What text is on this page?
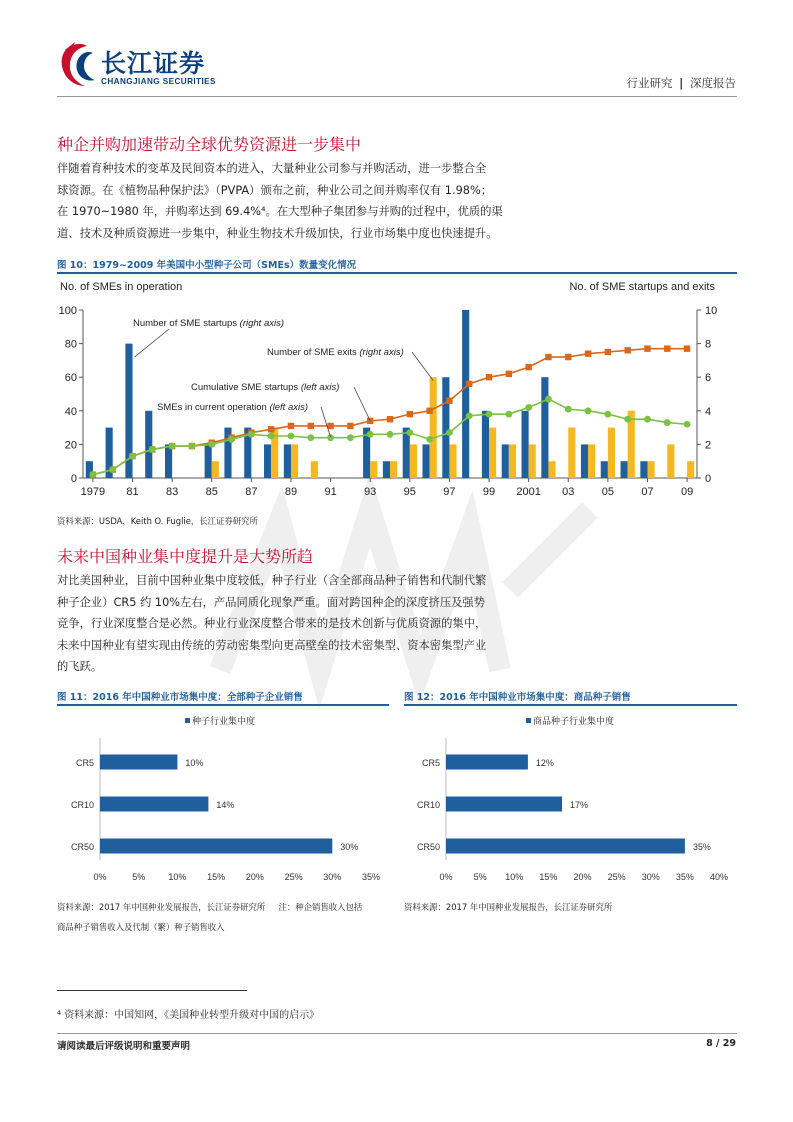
长江证券
CHANGJIANG SECURITIES	行业研究 | 深度报告
种企并购加速带动全球优势资源进一步集中
伴随着育种技术的变革及民间资本的进入，大量种业公司参与并购活动，进一步整合全
球资源。在《植物品种保护法》（PVPA）颁布之前，种业公司之间并购率仅有 1.98%；
在 1970~1980 年，并购率达到 69.4%⁴。在大型种子集团参与并购的过程中，优质的渠
道、技术及种质资源进一步集中，种业生物技术升级加快，行业市场集中度也快速提升。
图 10：1979~2009 年美国中小型种子公司（SMEs）数量变化情况
No. of SMEs in operation	No. of SME startups and exits
0
20
40
60
80
100
0
2
4
6
8
10
1979 81 83 85 87 89 91 93 95 97 99 2001 03 05 07 09
Number of SME startups (right axis)
Number of SME exits (right axis)
Cumulative SME startups (left axis)
SMEs in current operation (left axis)
资料来源：USDA，Keith O. Fuglie，长江证券研究所
未来中国种业集中度提升是大势所趋
对比美国种业，目前中国种业集中度较低，种子行业（含全部商品种子销售和代制代繁
种子企业）CR5 约 10%左右，产品同质化现象严重。面对跨国种企的深度挤压及强势
竞争，行业深度整合是必然。种业行业深度整合带来的是技术创新与优质资源的集中，
未来中国种业有望实现由传统的劳动密集型向更高壁垒的技术密集型、资本密集型产业
的飞跃。
图 11：2016 年中国种业市场集中度：全部种子企业销售
种子行业集中度
CR5	10%
CR10	14%
CR50	30%
0%	5%	10% 15% 20% 25% 30% 35%
资料来源：2017 年中国种业发展报告，长江证券研究所     注：种企销售收入包括
商品种子销售收入及代制（繁）种子销售收入
图 12：2016 年中国种业市场集中度：商品种子销售
商品种子行业集中度
CR5	12%
CR10	17%
CR50	35%
0% 5% 10% 15% 20% 25% 30% 35% 40%
资料来源：2017 年中国种业发展报告，长江证券研究所
⁴ 资料来源：中国知网，《美国种业转型升级对中国的启示》
请阅读最后评级说明和重要声明	8 / 29
